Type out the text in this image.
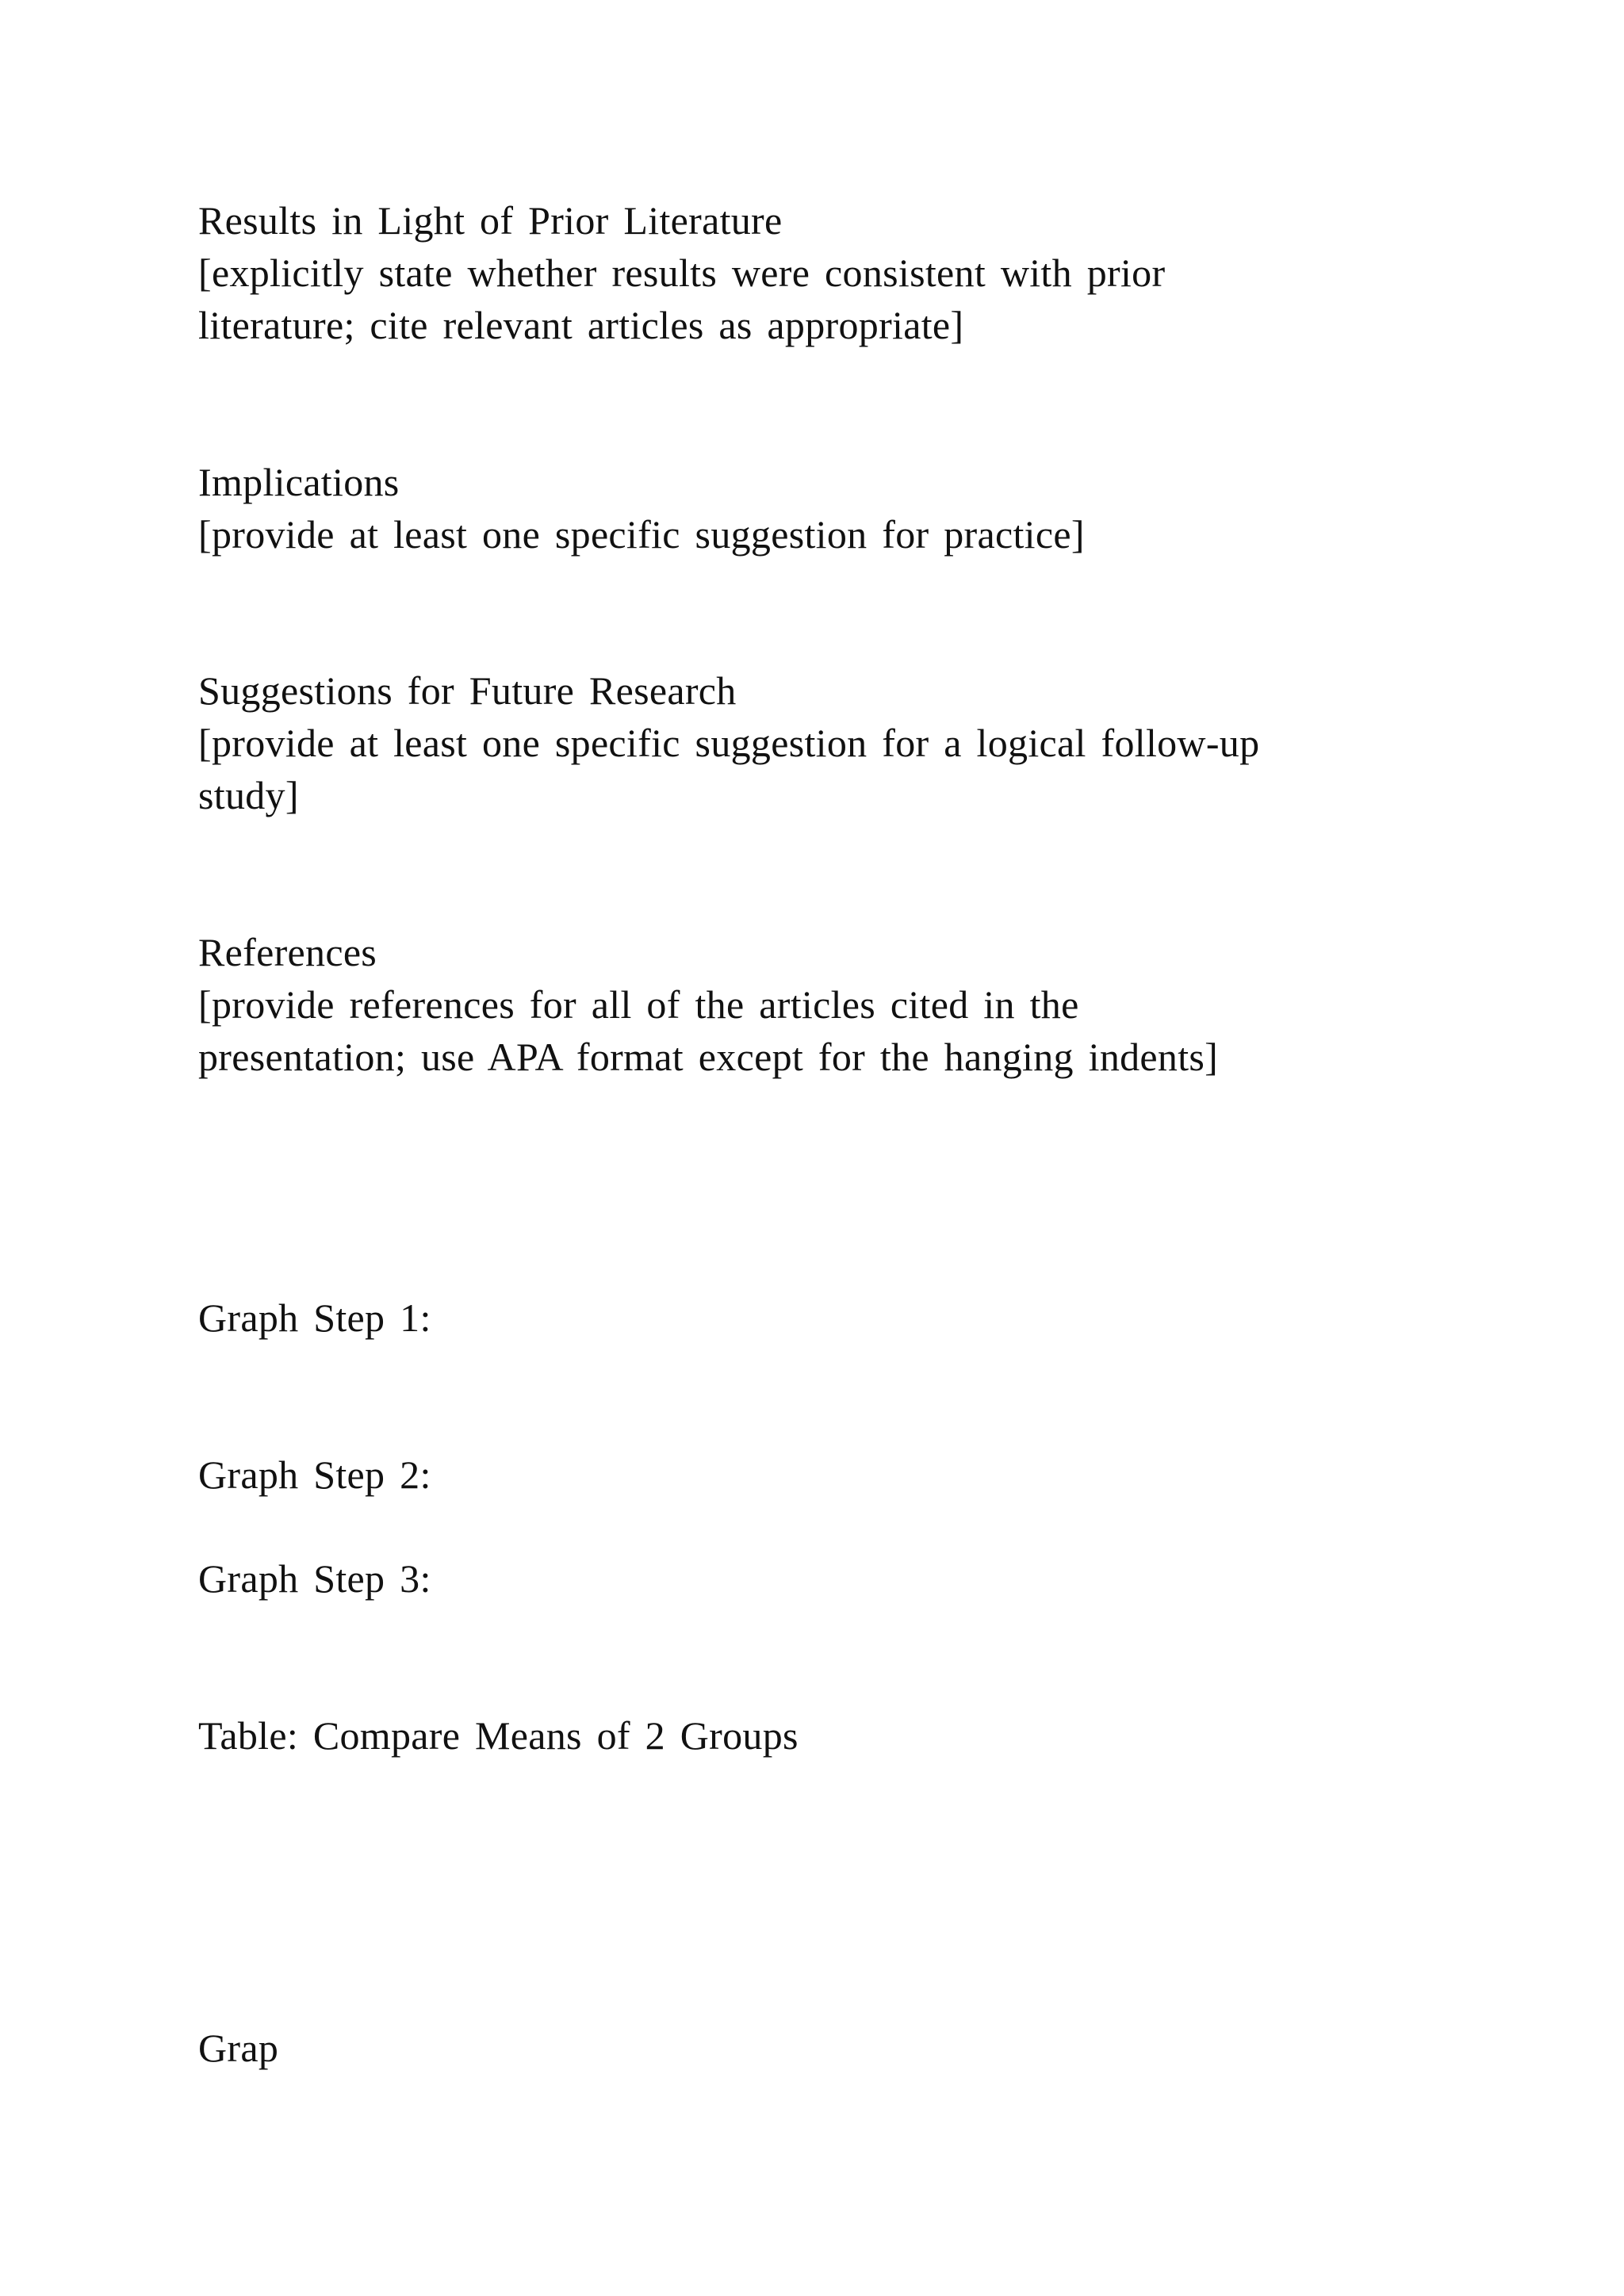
Results in Light of Prior Literature

[explicitly state whether results were consistent with prior

literature; cite relevant articles as appropriate]

Implications

[provide at least one specific suggestion for practice]

Suggestions for Future Research

[provide at least one specific suggestion for a logical follow-up

study]

References

[provide references for all of the articles cited in the

presentation; use APA format except for the hanging indents]

Graph Step 1:

Graph Step 2:

Graph Step 3:

Table: Compare Means of 2 Groups

Grap
